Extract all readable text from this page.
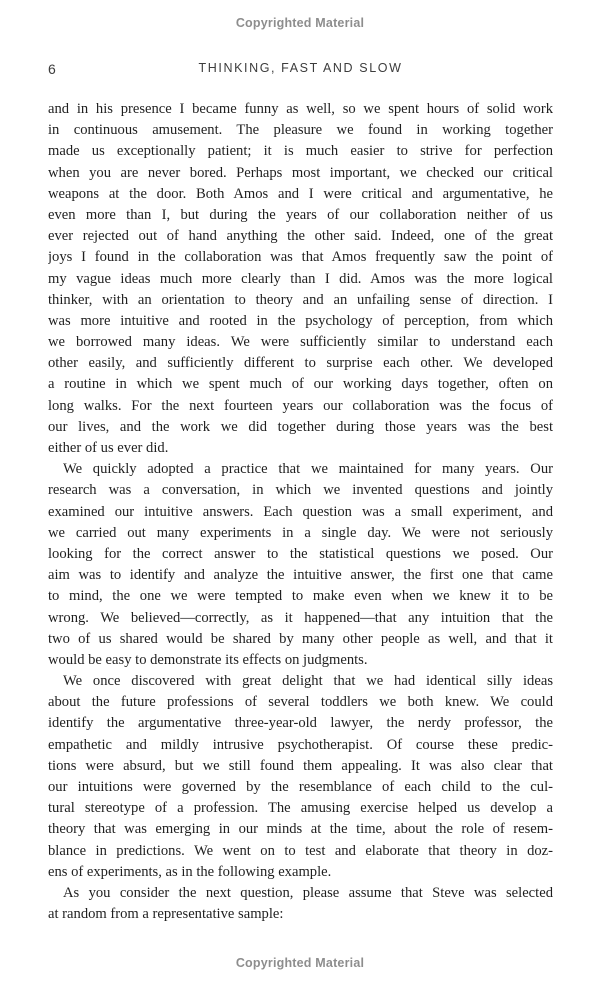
Copyrighted Material
6	THINKING, FAST AND SLOW
and in his presence I became funny as well, so we spent hours of solid work
in continuous amusement. The pleasure we found in working together
made us exceptionally patient; it is much easier to strive for perfection
when you are never bored. Perhaps most important, we checked our critical
weapons at the door. Both Amos and I were critical and argumentative, he
even more than I, but during the years of our collaboration neither of us
ever rejected out of hand anything the other said. Indeed, one of the great
joys I found in the collaboration was that Amos frequently saw the point of
my vague ideas much more clearly than I did. Amos was the more logical
thinker, with an orientation to theory and an unfailing sense of direction. I
was more intuitive and rooted in the psychology of perception, from which
we borrowed many ideas. We were sufficiently similar to understand each
other easily, and sufficiently different to surprise each other. We developed
a routine in which we spent much of our working days together, often on
long walks. For the next fourteen years our collaboration was the focus of
our lives, and the work we did together during those years was the best
either of us ever did.
We quickly adopted a practice that we maintained for many years. Our
research was a conversation, in which we invented questions and jointly
examined our intuitive answers. Each question was a small experiment, and
we carried out many experiments in a single day. We were not seriously
looking for the correct answer to the statistical questions we posed. Our
aim was to identify and analyze the intuitive answer, the first one that came
to mind, the one we were tempted to make even when we knew it to be
wrong. We believed—correctly, as it happened—that any intuition that the
two of us shared would be shared by many other people as well, and that it
would be easy to demonstrate its effects on judgments.
We once discovered with great delight that we had identical silly ideas
about the future professions of several toddlers we both knew. We could
identify the argumentative three-year-old lawyer, the nerdy professor, the
empathetic and mildly intrusive psychotherapist. Of course these predic-
tions were absurd, but we still found them appealing. It was also clear that
our intuitions were governed by the resemblance of each child to the cul-
tural stereotype of a profession. The amusing exercise helped us develop a
theory that was emerging in our minds at the time, about the role of resem-
blance in predictions. We went on to test and elaborate that theory in doz-
ens of experiments, as in the following example.
As you consider the next question, please assume that Steve was selected
at random from a representative sample:
Copyrighted Material
